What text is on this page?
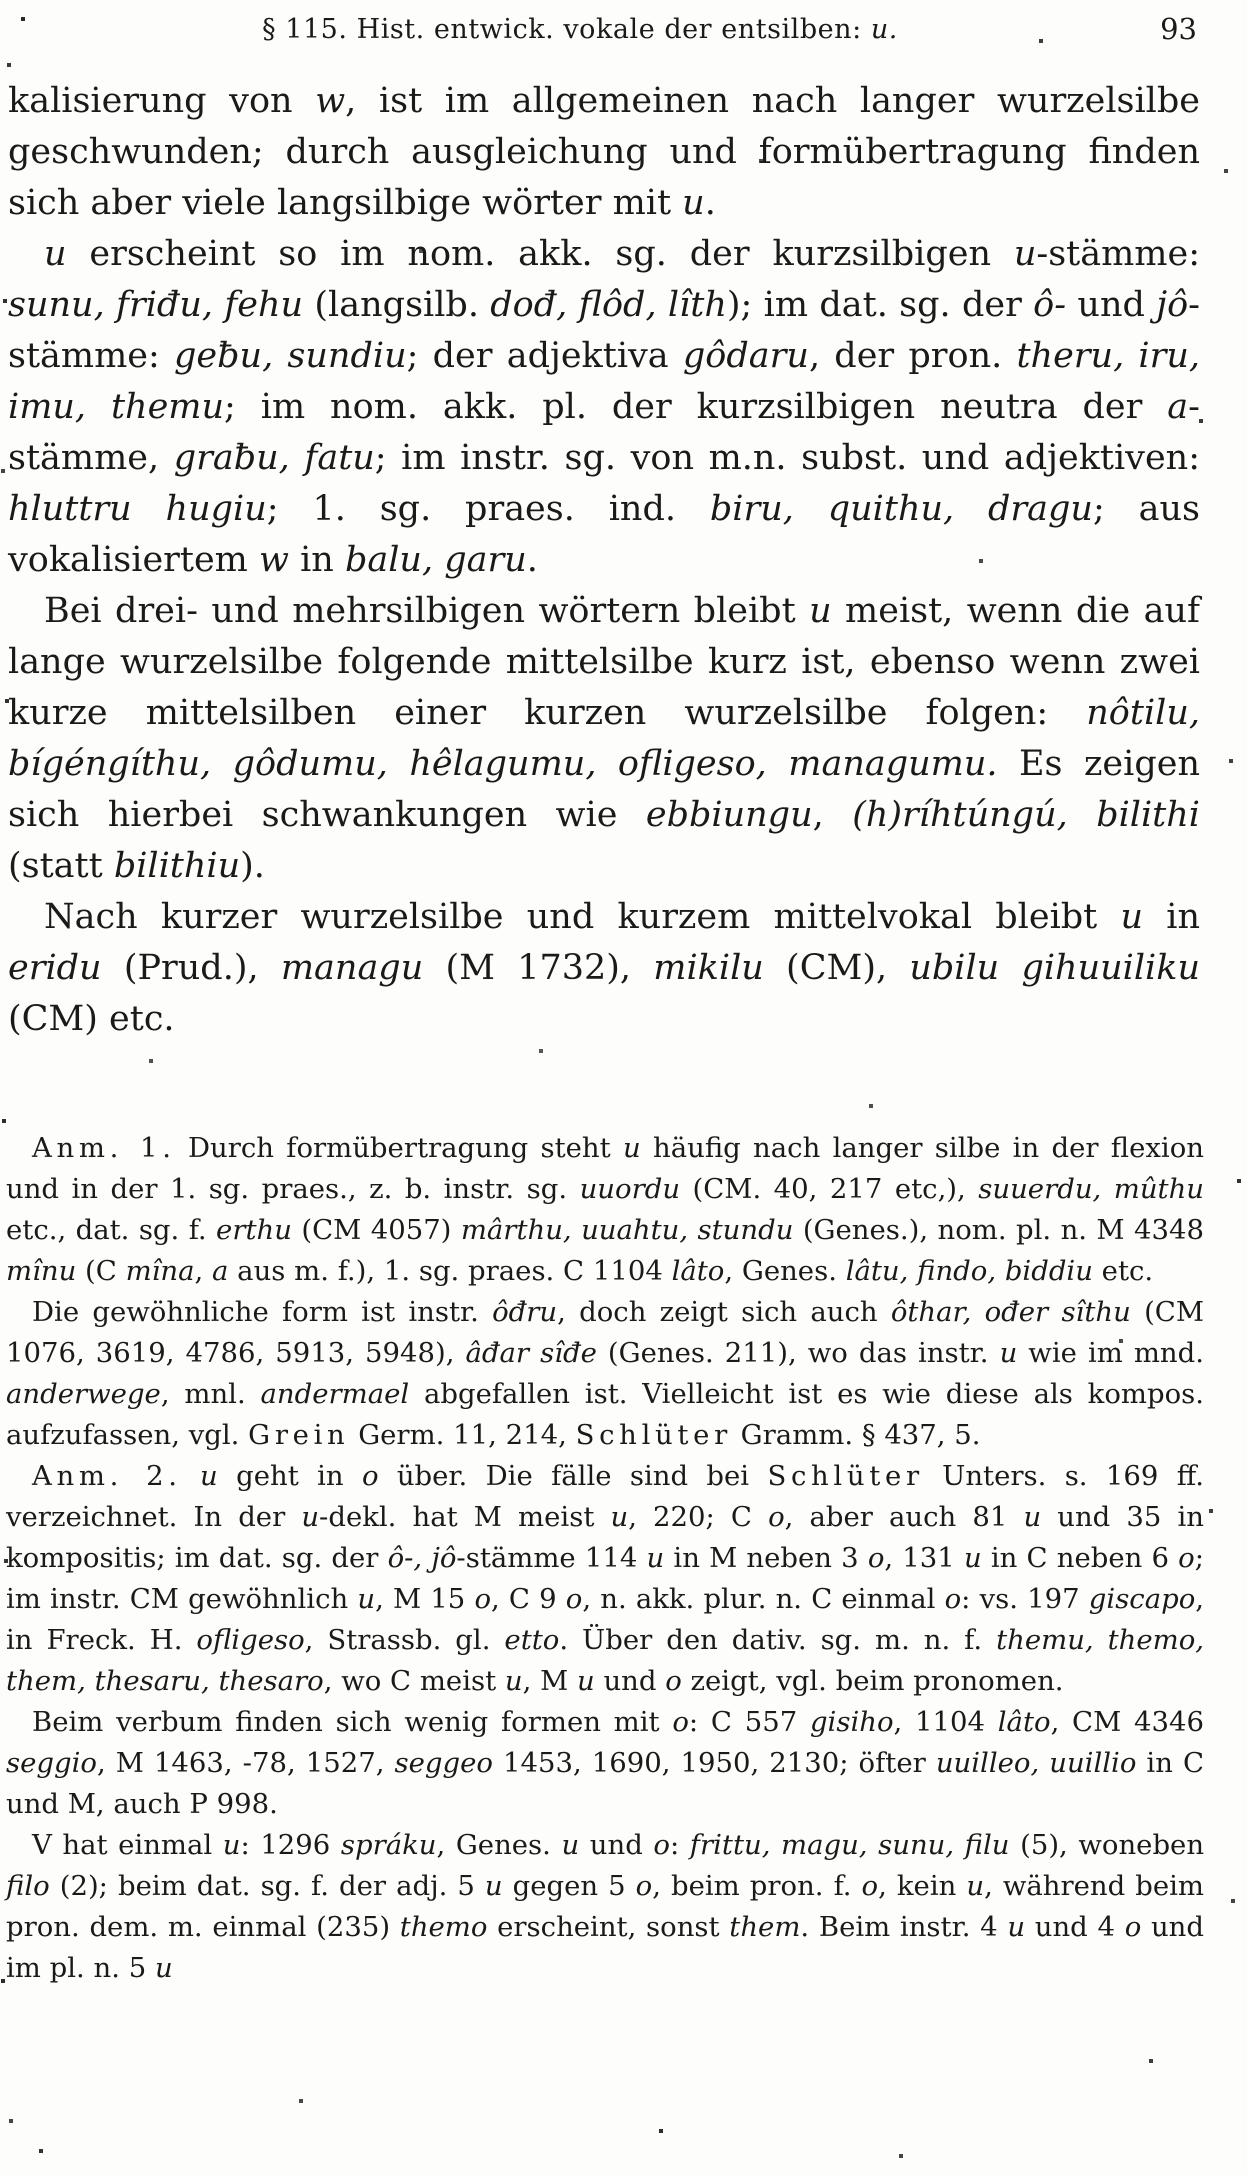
§ 115. Hist. entwick. vokale der entsilben: u.	93

kalisierung von w, ist im allgemeinen nach langer wurzelsilbe geschwunden; durch ausgleichung und formübertragung finden sich aber viele langsilbige wörter mit u.

u erscheint so im nom. akk. sg. der kurzsilbigen u-stämme: sunu, friđu, fehu (langsilb. dođ, flôd, lîth); im dat. sg. der ô- und jô-stämme: geƀu, sundiu; der adjektiva gôdaru, der pron. theru, iru, imu, themu; im nom. akk. pl. der kurzsilbigen neutra der a-stämme, graƀu, fatu; im instr. sg. von m.n. subst. und adjektiven: hluttru hugiu; 1. sg. praes. ind. biru, quithu, dragu; aus vokalisiertem w in balu, garu.

Bei drei- und mehrsilbigen wörtern bleibt u meist, wenn die auf lange wurzelsilbe folgende mittelsilbe kurz ist, ebenso wenn zwei kurze mittelsilben einer kurzen wurzelsilbe folgen: nôtilu, bígéngíthu, gôdumu, hêlagumu, ofligeso, managumu. Es zeigen sich hierbei schwankungen wie ebbiungu, (h)ríhtúngú, bilithi (statt bilithiu).

Nach kurzer wurzelsilbe und kurzem mittelvokal bleibt u in eridu (Prud.), managu (M 1732), mikilu (CM), ubilu gihuuiliku (CM) etc.

Anm. 1. Durch formübertragung steht u häufig nach langer silbe in der flexion und in der 1. sg. praes., z. b. instr. sg. uuordu (CM. 40, 217 etc,), suuerdu, mûthu etc., dat. sg. f. erthu (CM 4057) mârthu, uuahtu, stundu (Genes.), nom. pl. n. M 4348 mînu (C mîna, a aus m. f.), 1. sg. praes. C 1104 lâto, Genes. lâtu, findo, biddiu etc.

Die gewöhnliche form ist instr. ôđru, doch zeigt sich auch ôthar, ođer sîthu (CM 1076, 3619, 4786, 5913, 5948), âđar sîđe (Genes. 211), wo das instr. u wie im mnd. anderwege, mnl. andermael abgefallen ist. Vielleicht ist es wie diese als kompos. aufzufassen, vgl. Grein Germ. 11, 214, Schlüter Gramm. § 437, 5.

Anm. 2. u geht in o über. Die fälle sind bei Schlüter Unters. s. 169 ff. verzeichnet. In der u-dekl. hat M meist u, 220; C o, aber auch 81 u und 35 in kompositis; im dat. sg. der ô-, jô-stämme 114 u in M neben 3 o, 131 u in C neben 6 o; im instr. CM gewöhnlich u, M 15 o, C 9 o, n. akk. plur. n. C einmal o: vs. 197 giscapo, in Freck. H. ofligeso, Strassb. gl. etto. Über den dativ. sg. m. n. f. themu, themo, them, thesaru, thesaro, wo C meist u, M u und o zeigt, vgl. beim pronomen.

Beim verbum finden sich wenig formen mit o: C 557 gisiho, 1104 lâto, CM 4346 seggio, M 1463, -78, 1527, seggeo 1453, 1690, 1950, 2130; öfter uuilleo, uuillio in C und M, auch P 998.

V hat einmal u: 1296 spráku, Genes. u und o: frittu, magu, sunu, filu (5), woneben filo (2); beim dat. sg. f. der adj. 5 u gegen 5 o, beim pron. f. o, kein u, während beim pron. dem. m. einmal (235) themo erscheint, sonst them. Beim instr. 4 u und 4 o und im pl. n. 5 u
